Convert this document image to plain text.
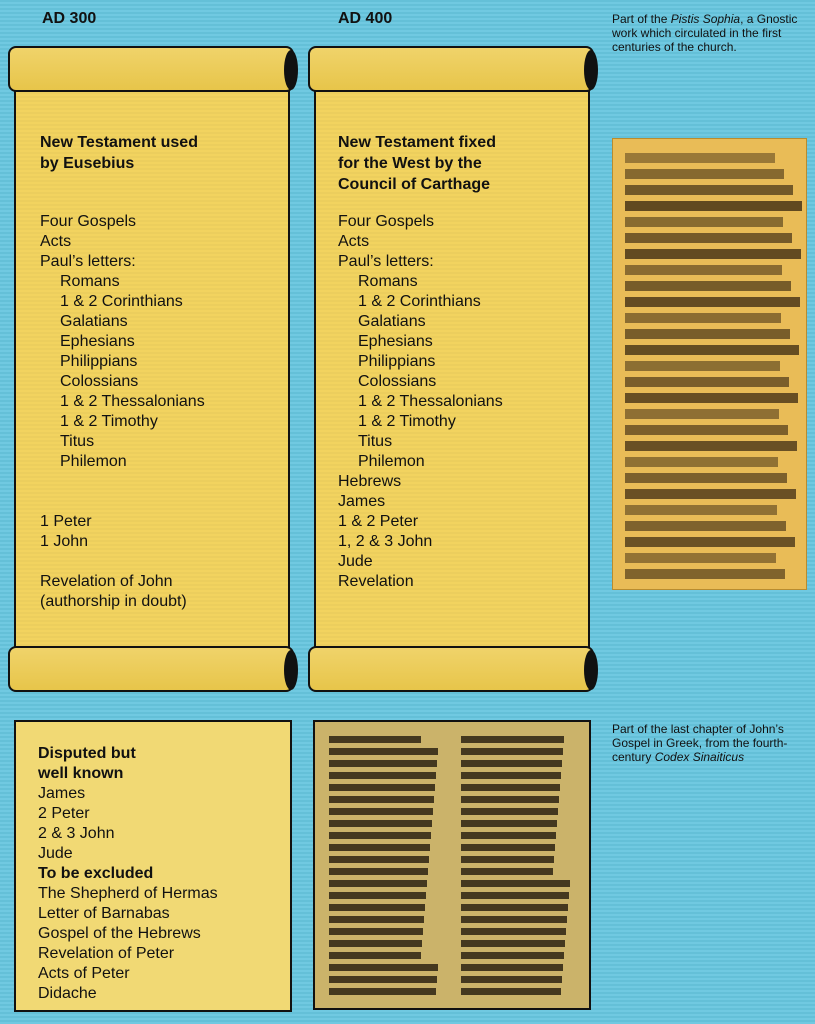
AD 300	AD 400
New Testament used
by Eusebius
Four Gospels
Acts
Paul’s letters:
Romans
1 & 2 Corinthians
Galatians
Ephesians
Philippians
Colossians
1 & 2 Thessalonians
1 & 2 Timothy
Titus
Philemon
1 Peter
1 John
Revelation of John
(authorship in doubt)
New Testament fixed
for the West by the
Council of Carthage
Four Gospels
Acts
Paul’s letters:
Romans
1 & 2 Corinthians
Galatians
Ephesians
Philippians
Colossians
1 & 2 Thessalonians
1 & 2 Timothy
Titus
Philemon
Hebrews
James
1 & 2 Peter
1, 2 & 3 John
Jude
Revelation
Disputed but
well known
James
2 Peter
2 & 3 John
Jude
To be excluded
The Shepherd of Hermas
Letter of Barnabas
Gospel of the Hebrews
Revelation of Peter
Acts of Peter
Didache
Part of the Pistis Sophia, a Gnostic work which circulated in the first centuries of the church.
Part of the last chapter of John’s Gospel in Greek, from the fourth-century Codex Sinaiticus
